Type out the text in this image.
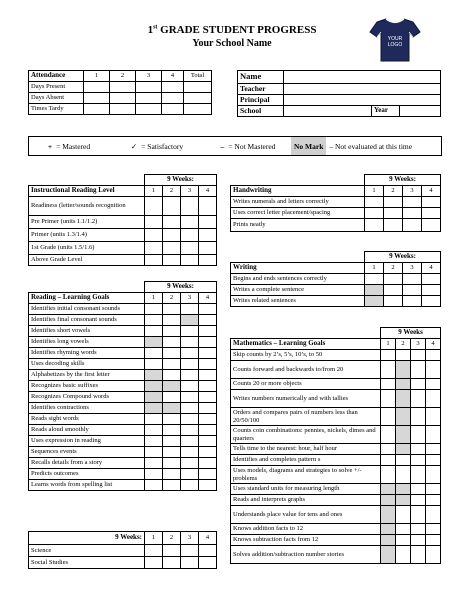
1st GRADE STUDENT PROGRESS
Your School Name	YOUR
LOGO
Attendance	1	2	3	4	Total
Days Present					
Days Absent					
Times Tardy					
Name			
Teacher			
Principal			
School		Year	
+ = Mastered	✓ = Satisfactory	– = Not Mastered No Mark – Not evaluated at this time
	9 Weeks:			
Instructional Reading Level	1	2	3	4
Readiness (letter/sounds recognition				
Pre Primer (units 1.1/1.2)				
Primer (units 1.3/1.4)				
1st Grade (units 1.5/1.6)				
Above Grade Level				
	9 Weeks:			
Reading – Learning Goals	1	2	3	4
Identifies initial consonant sounds				
Identifies final consonant sounds				
Identifies short vowels				
Identifies long vowels				
Identifies rhyming words				
Uses decoding skills				
Alphabetizes by the first letter				
Recognizes basic suffixes				
Recognizes Compound words				
Identifies contractions				
Reads sight words				
Reads aloud smoothly				
Uses expression in reading				
Sequences events				
Recalls details from a story				
Predicts outcomes				
Learns words from spelling list				
9 Weeks:	1	2	3	4
Science				
Social Studies				
	9 Weeks:			
Handwriting	1	2	3	4
Writes numerals and letters correctly				
Uses correct letter placement/spacing				
Prints neatly				
	9 Weeks:			
Writing	1	2	3	4
Begins and ends sentences correctly				
Writes a complete sentence				
Writes related sentences				
	9 Weeks			
Mathematics – Learning Goals	1	2	3	4
Skip counts by 2’s, 5’s, 10’s, to 50				
Counts forward and backwards to/from 20				
Counts 20 or more objects				
Writes numbers numerically and with tallies				
Orders and compares pairs of numbers less than 20/50/100				
Counts coin combinations: pennies, nickels, dimes and quarters				
Tells time to the nearest: hour, half hour				
Identifies and completes pattern s				
Uses models, diagrams and strategies to solve +/- problems				
Uses standard units for measuring length				
Reads and interprets graphs				
Understands place value for tens and ones				
Knows addition facts to 12				
Knows subtraction facts from 12				
Solves addition/subtraction number stories				
